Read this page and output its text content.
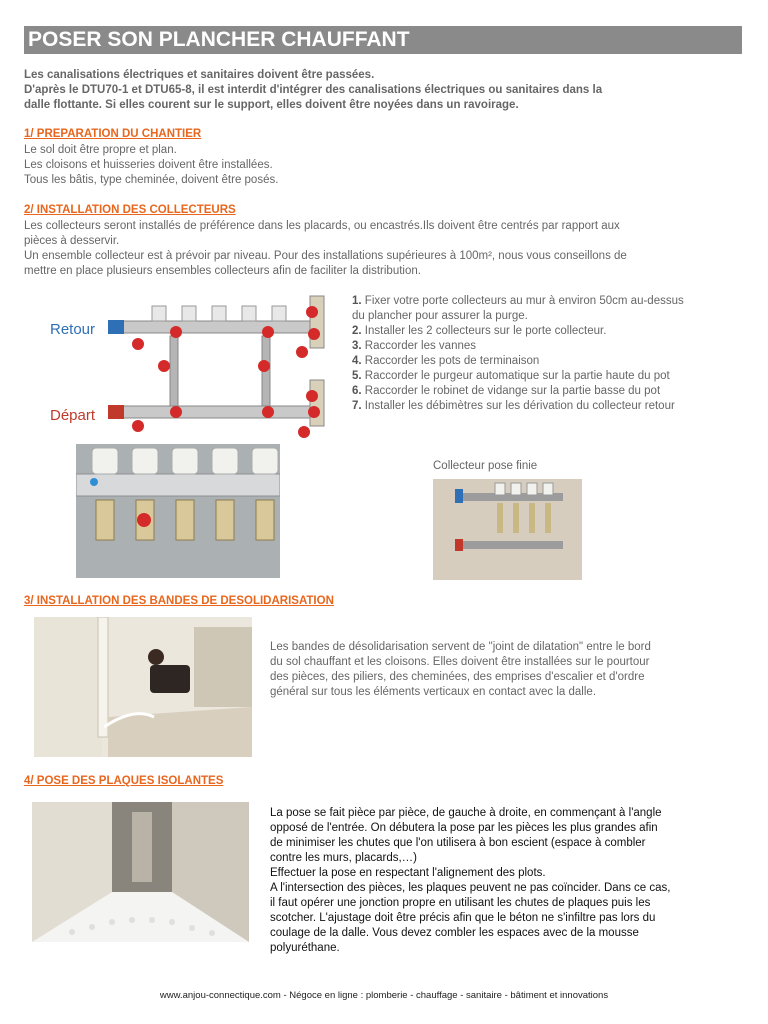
POSER SON PLANCHER CHAUFFANT

Les canalisations électriques et sanitaires doivent être passées.

D'après le DTU70-1 et DTU65-8, il est interdit d'intégrer des canalisations électriques ou sanitaires dans la

dalle flottante. Si elles courent sur le support, elles doivent être noyées dans un ravoirage.

1/ PREPARATION DU CHANTIER

Le sol doit être propre et plan.

Les cloisons et huisseries doivent être installées.

Tous les bâtis, type cheminée, doivent être posés.

2/ INSTALLATION DES COLLECTEURS

Les collecteurs seront installés de préférence dans les placards, ou encastrés.Ils doivent être centrés par rapport aux

pièces à desservir.

Un ensemble collecteur est à prévoir par niveau. Pour des installations supérieures à 100m², nous vous conseillons de

mettre en place plusieurs ensembles collecteurs afin de faciliter la distribution.

Retour
Départ
1. Fixer votre porte collecteurs au mur à environ 50cm au-dessus
du plancher pour assurer la purge.
2. Installer les 2 collecteurs sur le porte collecteur.
3. Raccorder les vannes
4. Raccorder les pots de terminaison
5. Raccorder le purgeur automatique sur la partie haute du pot
6. Raccorder le robinet de vidange sur la partie basse du pot
7. Installer les débimètres sur les dérivation du collecteur retour

Collecteur pose finie

3/ INSTALLATION DES BANDES DE DESOLIDARISATION

Les bandes de désolidarisation servent de "joint de dilatation" entre le bord

du sol chauffant et les cloisons. Elles doivent être installées sur le pourtour

des pièces, des piliers, des cheminées, des emprises d'escalier et d'ordre

général sur tous les éléments verticaux en contact avec la dalle.

4/ POSE DES PLAQUES ISOLANTES

La pose se fait pièce par pièce, de gauche à droite, en commençant à l'angle

opposé de l'entrée. On débutera la pose par les pièces les plus grandes afin

de minimiser les chutes que l'on utilisera à bon escient (espace à combler

contre les murs, placards,…)

Effectuer la pose en respectant l'alignement des plots.

A l'intersection des pièces, les plaques peuvent ne pas coïncider. Dans ce cas,

il faut opérer une jonction propre en utilisant les chutes de plaques puis les

scotcher. L'ajustage doit être précis afin que le béton ne s'infiltre pas lors du

coulage de la dalle. Vous devez combler les espaces avec de la mousse

polyuréthane.

www.anjou-connectique.com - Négoce en ligne : plomberie - chauffage - sanitaire - bâtiment et innovations
